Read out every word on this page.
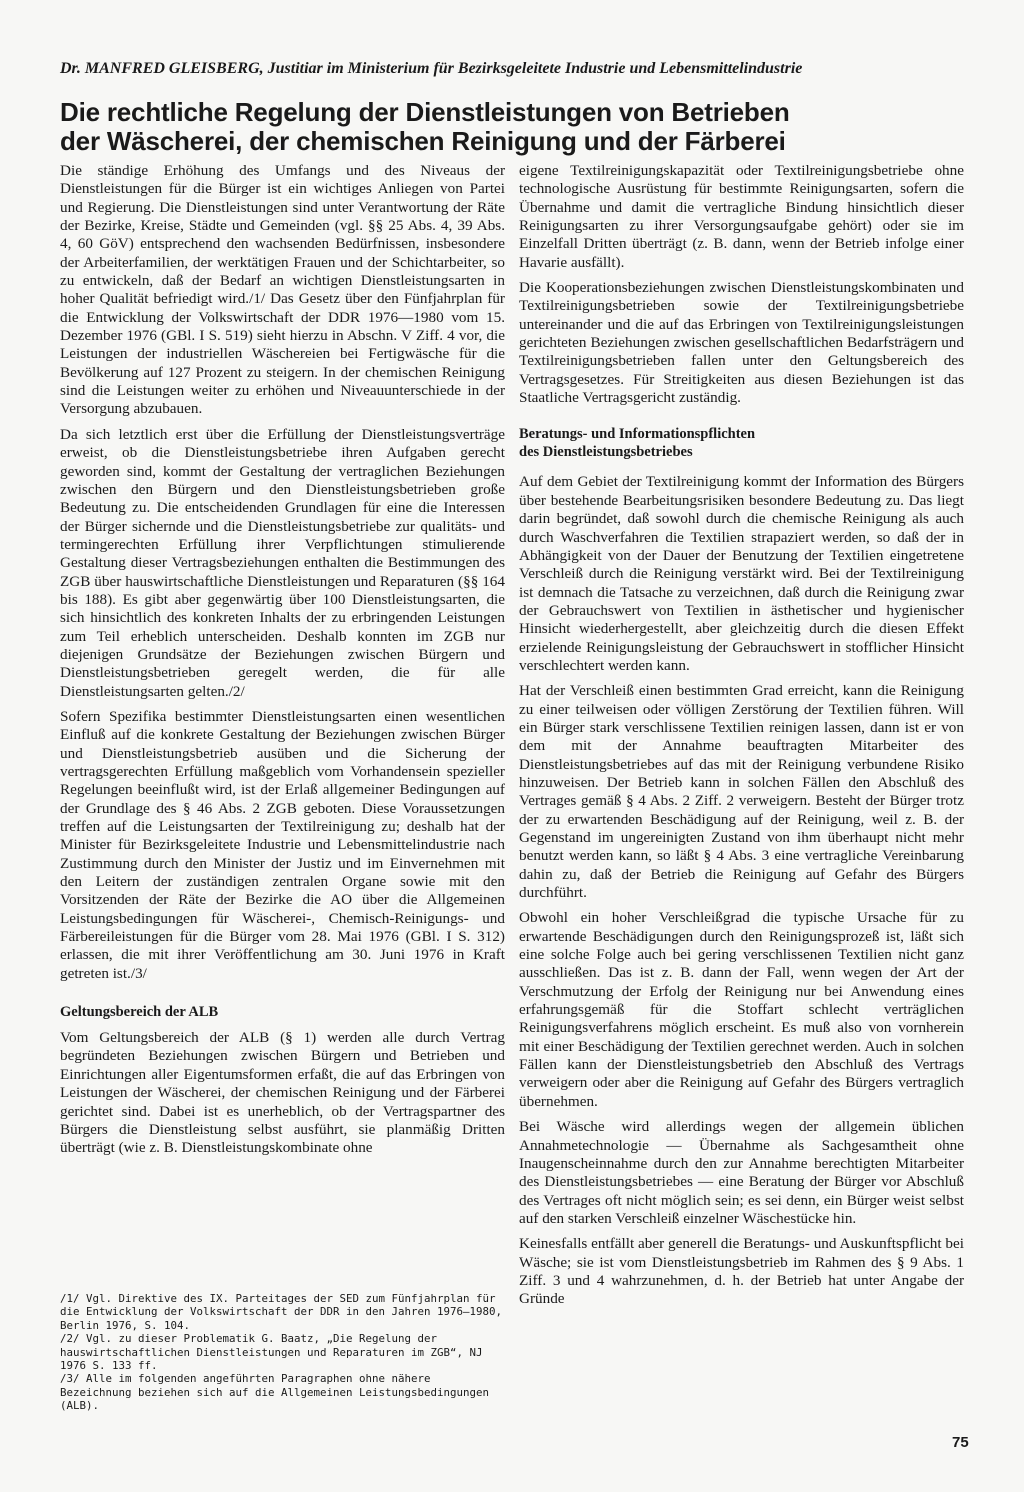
Dr. MANFRED GLEISBERG, Justitiar im Ministerium für Bezirksgeleitete Industrie und Lebensmittelindustrie
Die rechtliche Regelung der Dienstleistungen von Betrieben
der Wäscherei, der chemischen Reinigung und der Färberei

Die ständige Erhöhung des Umfangs und des Niveaus der Dienstleistungen für die Bürger ist ein wichtiges Anliegen von Partei und Regierung. Die Dienstleistungen sind unter Verantwortung der Räte der Bezirke, Kreise, Städte und Gemeinden (vgl. §§ 25 Abs. 4, 39 Abs. 4, 60 GöV) entsprechend den wachsenden Bedürfnissen, insbesondere der Arbeiterfamilien, der werktätigen Frauen und der Schichtarbeiter, so zu entwickeln, daß der Bedarf an wichtigen Dienstleistungsarten in hoher Qualität befriedigt wird./1/ Das Gesetz über den Fünfjahrplan für die Entwicklung der Volkswirtschaft der DDR 1976—1980 vom 15. Dezember 1976 (GBl. I S. 519) sieht hierzu in Abschn. V Ziff. 4 vor, die Leistungen der industriellen Wäschereien bei Fertigwäsche für die Bevölkerung auf 127 Prozent zu steigern. In der chemischen Reinigung sind die Leistungen weiter zu erhöhen und Niveauunterschiede in der Versorgung abzubauen.

Da sich letztlich erst über die Erfüllung der Dienstleistungsverträge erweist, ob die Dienstleistungsbetriebe ihren Aufgaben gerecht geworden sind, kommt der Gestaltung der vertraglichen Beziehungen zwischen den Bürgern und den Dienstleistungsbetrieben große Bedeutung zu. Die entscheidenden Grundlagen für eine die Interessen der Bürger sichernde und die Dienstleistungsbetriebe zur qualitäts- und termingerechten Erfüllung ihrer Verpflichtungen stimulierende Gestaltung dieser Vertragsbeziehungen enthalten die Bestimmungen des ZGB über hauswirtschaftliche Dienstleistungen und Reparaturen (§§ 164 bis 188). Es gibt aber gegenwärtig über 100 Dienstleistungsarten, die sich hinsichtlich des konkreten Inhalts der zu erbringenden Leistungen zum Teil erheblich unterscheiden. Deshalb konnten im ZGB nur diejenigen Grundsätze der Beziehungen zwischen Bürgern und Dienstleistungsbetrieben geregelt werden, die für alle Dienstleistungsarten gelten./2/

Sofern Spezifika bestimmter Dienstleistungsarten einen wesentlichen Einfluß auf die konkrete Gestaltung der Beziehungen zwischen Bürger und Dienstleistungsbetrieb ausüben und die Sicherung der vertragsgerechten Erfüllung maßgeblich vom Vorhandensein spezieller Regelungen beeinflußt wird, ist der Erlaß allgemeiner Bedingungen auf der Grundlage des § 46 Abs. 2 ZGB geboten. Diese Voraussetzungen treffen auf die Leistungsarten der Textilreinigung zu; deshalb hat der Minister für Bezirksgeleitete Industrie und Lebensmittelindustrie nach Zustimmung durch den Minister der Justiz und im Einvernehmen mit den Leitern der zuständigen zentralen Organe sowie mit den Vorsitzenden der Räte der Bezirke die AO über die Allgemeinen Leistungsbedingungen für Wäscherei-, Chemisch-Reinigungs- und Färbereileistungen für die Bürger vom 28. Mai 1976 (GBl. I S. 312) erlassen, die mit ihrer Veröffentlichung am 30. Juni 1976 in Kraft getreten ist./3/

Geltungsbereich der ALB

Vom Geltungsbereich der ALB (§ 1) werden alle durch Vertrag begründeten Beziehungen zwischen Bürgern und Betrieben und Einrichtungen aller Eigentumsformen erfaßt, die auf das Erbringen von Leistungen der Wäscherei, der chemischen Reinigung und der Färberei gerichtet sind. Dabei ist es unerheblich, ob der Vertragspartner des Bürgers die Dienstleistung selbst ausführt, sie planmäßig Dritten überträgt (wie z. B. Dienstleistungskombinate ohne

/1/ Vgl. Direktive des IX. Parteitages der SED zum Fünfjahrplan für die Entwicklung der Volkswirtschaft der DDR in den Jahren 1976—1980, Berlin 1976, S. 104.

/2/ Vgl. zu dieser Problematik G. Baatz, „Die Regelung der hauswirtschaftlichen Dienstleistungen und Reparaturen im ZGB“, NJ 1976 S. 133 ff.

/3/ Alle im folgenden angeführten Paragraphen ohne nähere Bezeichnung beziehen sich auf die Allgemeinen Leistungsbedingungen (ALB).

eigene Textilreinigungskapazität oder Textilreinigungsbetriebe ohne technologische Ausrüstung für bestimmte Reinigungsarten, sofern die Übernahme und damit die vertragliche Bindung hinsichtlich dieser Reinigungsarten zu ihrer Versorgungsaufgabe gehört) oder sie im Einzelfall Dritten überträgt (z. B. dann, wenn der Betrieb infolge einer Havarie ausfällt).

Die Kooperationsbeziehungen zwischen Dienstleistungskombinaten und Textilreinigungsbetrieben sowie der Textilreinigungsbetriebe untereinander und die auf das Erbringen von Textilreinigungsleistungen gerichteten Beziehungen zwischen gesellschaftlichen Bedarfsträgern und Textilreinigungsbetrieben fallen unter den Geltungsbereich des Vertragsgesetzes. Für Streitigkeiten aus diesen Beziehungen ist das Staatliche Vertragsgericht zuständig.

Beratungs- und Informationspflichten
des Dienstleistungsbetriebes

Auf dem Gebiet der Textilreinigung kommt der Information des Bürgers über bestehende Bearbeitungsrisiken besondere Bedeutung zu. Das liegt darin begründet, daß sowohl durch die chemische Reinigung als auch durch Waschverfahren die Textilien strapaziert werden, so daß der in Abhängigkeit von der Dauer der Benutzung der Textilien eingetretene Verschleiß durch die Reinigung verstärkt wird. Bei der Textilreinigung ist demnach die Tatsache zu verzeichnen, daß durch die Reinigung zwar der Gebrauchswert von Textilien in ästhetischer und hygienischer Hinsicht wiederhergestellt, aber gleichzeitig durch die diesen Effekt erzielende Reinigungsleistung der Gebrauchswert in stofflicher Hinsicht verschlechtert werden kann.

Hat der Verschleiß einen bestimmten Grad erreicht, kann die Reinigung zu einer teilweisen oder völligen Zerstörung der Textilien führen. Will ein Bürger stark verschlissene Textilien reinigen lassen, dann ist er von dem mit der Annahme beauftragten Mitarbeiter des Dienstleistungsbetriebes auf das mit der Reinigung verbundene Risiko hinzuweisen. Der Betrieb kann in solchen Fällen den Abschluß des Vertrages gemäß § 4 Abs. 2 Ziff. 2 verweigern. Besteht der Bürger trotz der zu erwartenden Beschädigung auf der Reinigung, weil z. B. der Gegenstand im ungereinigten Zustand von ihm überhaupt nicht mehr benutzt werden kann, so läßt § 4 Abs. 3 eine vertragliche Vereinbarung dahin zu, daß der Betrieb die Reinigung auf Gefahr des Bürgers durchführt.

Obwohl ein hoher Verschleißgrad die typische Ursache für zu erwartende Beschädigungen durch den Reinigungsprozeß ist, läßt sich eine solche Folge auch bei gering verschlissenen Textilien nicht ganz ausschließen. Das ist z. B. dann der Fall, wenn wegen der Art der Verschmutzung der Erfolg der Reinigung nur bei Anwendung eines erfahrungsgemäß für die Stoffart schlecht verträglichen Reinigungsverfahrens möglich erscheint. Es muß also von vornherein mit einer Beschädigung der Textilien gerechnet werden. Auch in solchen Fällen kann der Dienstleistungsbetrieb den Abschluß des Vertrags verweigern oder aber die Reinigung auf Gefahr des Bürgers vertraglich übernehmen.

Bei Wäsche wird allerdings wegen der allgemein üblichen Annahmetechnologie — Übernahme als Sachgesamtheit ohne Inaugenscheinnahme durch den zur Annahme berechtigten Mitarbeiter des Dienstleistungsbetriebes — eine Beratung der Bürger vor Abschluß des Vertrages oft nicht möglich sein; es sei denn, ein Bürger weist selbst auf den starken Verschleiß einzelner Wäschestücke hin.

Keinesfalls entfällt aber generell die Beratungs- und Auskunftspflicht bei Wäsche; sie ist vom Dienstleistungsbetrieb im Rahmen des § 9 Abs. 1 Ziff. 3 und 4 wahrzunehmen, d. h. der Betrieb hat unter Angabe der Gründe

75
